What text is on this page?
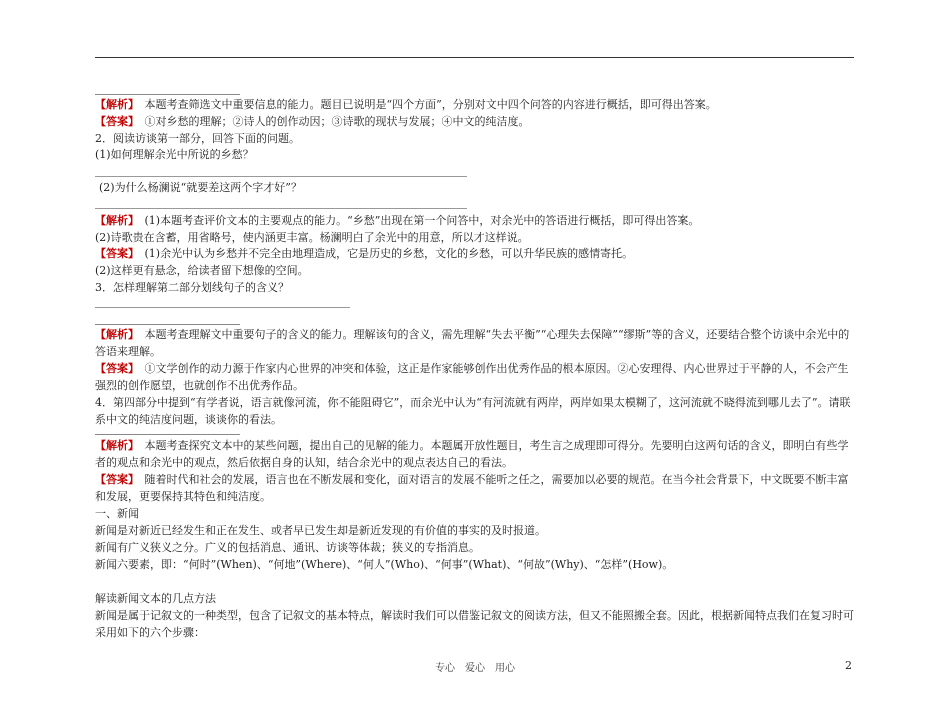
【解析】　 本题考查筛选文中重要信息的能力。题目已说明是“四个方面”，分别对文中四个问答的内容进行概括，即可得出答案。
【答案】　 ①对乡愁的理解；②诗人的创作动因；③诗歌的现状与发展；④中文的纯洁度。
2．阅读访谈第一部分，回答下面的问题。
(1)如何理解余光中所说的乡愁？
(2)为什么杨澜说“就要差这两个字才好”？
【解析】　 (1)本题考查评价文本的主要观点的能力。“乡愁”出现在第一个问答中，对余光中的答语进行概括，即可得出答案。
(2)诗歌贵在含蓄，用省略号，使内涵更丰富。杨澜明白了余光中的用意，所以才这样说。
【答案】　 (1)余光中认为乡愁并不完全由地理造成，它是历史的乡愁，文化的乡愁，可以升华民族的感情寄托。
(2)这样更有悬念，给读者留下想像的空间。
3．怎样理解第二部分划线句子的含义？
【解析】　 本题考查理解文中重要句子的含义的能力。理解该句的含义，需先理解“失去平衡”“心理失去保障”“缪斯”等的含义，还要结合整个访谈中余光中的答语来理解。
【答案】　 ①文学创作的动力源于作家内心世界的冲突和体验，这正是作家能够创作出优秀作品的根本原因。②心安理得、内心世界过于平静的人，不会产生强烈的创作愿望，也就创作不出优秀作品。
4．第四部分中提到“有学者说，语言就像河流，你不能阻碍它”，而余光中认为“有河流就有两岸，两岸如果太模糊了，这河流就不晓得流到哪儿去了”。请联系中文的纯洁度问题，谈谈你的看法。
【解析】　 本题考查探究文本中的某些问题，提出自己的见解的能力。本题属开放性题目，考生言之成理即可得分。先要明白这两句话的含义，即明白有些学者的观点和余光中的观点，然后依据自身的认知，结合余光中的观点表达自己的看法。
【答案】　 随着时代和社会的发展，语言也在不断发展和变化，面对语言的发展不能听之任之，需要加以必要的规范。在当今社会背景下，中文既要不断丰富和发展，更要保持其特色和纯洁度。
一、新闻
新闻是对新近已经发生和正在发生、或者早已发生却是新近发现的有价值的事实的及时报道。
新闻有广义狭义之分。广义的包括消息、通讯、访谈等体裁；狭义的专指消息。
新闻六要素，即：“何时”(When)、“何地”(Where)、“何人”(Who)、“何事”(What)、“何故”(Why)、“怎样”(How)。
解读新闻文本的几点方法
新闻是属于记叙文的一种类型，包含了记叙文的基本特点，解读时我们可以借鉴记叙文的阅读方法，但又不能照搬全套。因此，根据新闻特点我们在复习时可采用如下的六个步骤：
专心　爱心　用心	2
